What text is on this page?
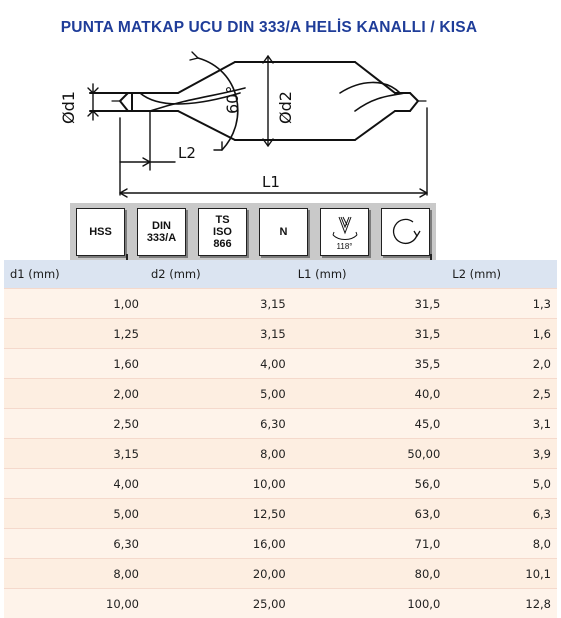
PUNTA MATKAP UCU DIN 333/A HELİS KANALLI / KISA
Ød1	60° Ød2
L2
L1
HSS	DIN
333/A
TS
ISO
866
N
118°
d1 (mm)	d2 (mm)	L1 (mm)	L2 (mm)
1,00	3,15	31,5	1,3
1,25	3,15	31,5	1,6
1,60	4,00	35,5	2,0
2,00	5,00	40,0	2,5
2,50	6,30	45,0	3,1
3,15	8,00	50,00	3,9
4,00	10,00	56,0	5,0
5,00	12,50	63,0	6,3
6,30	16,00	71,0	8,0
8,00	20,00	80,0	10,1
10,00	25,00	100,0	12,8
